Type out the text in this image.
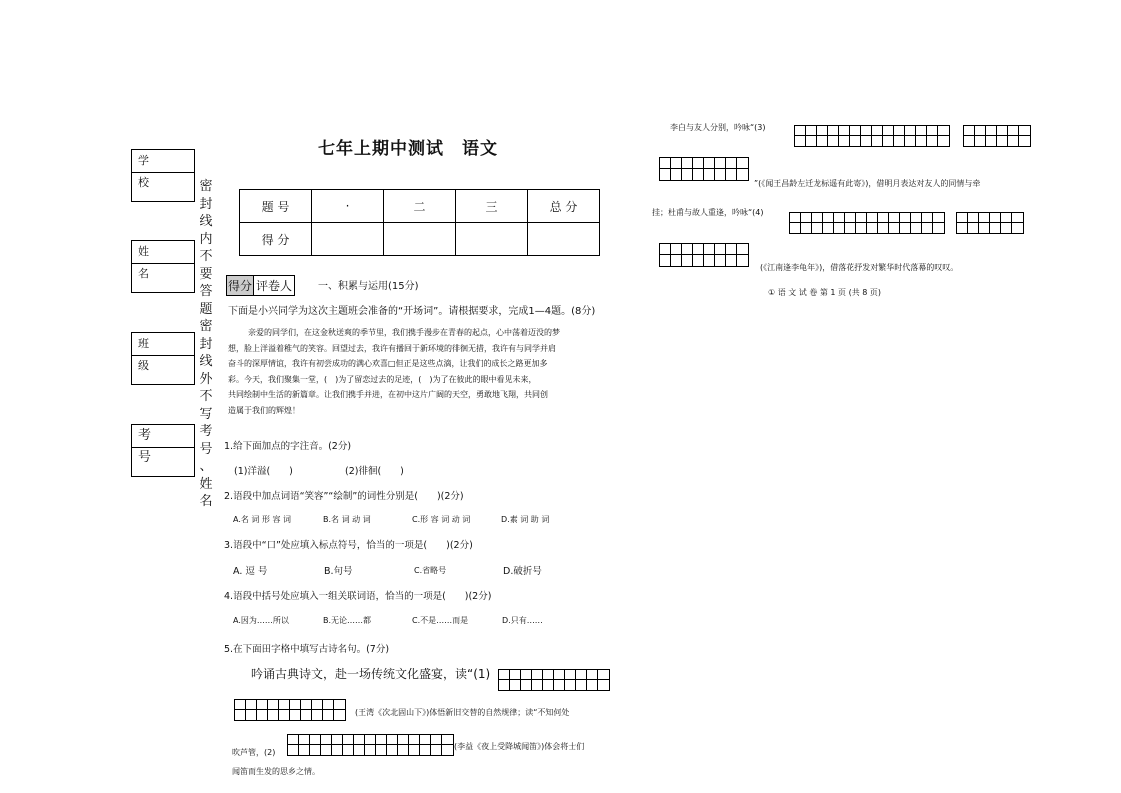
七年上期中测试　语文
学　校
姓　名
班　级
考　号
密
封
线
内
不
要
答
题
密
封
线
外
不
写
考
号
、
姓
名
题 号	·	二	三	总 分
得 分				
得分 评卷人	一、积累与运用(15分)
下面是小兴同学为这次主题班会准备的“开场词”。请根据要求，完成1—4题。(8分)
亲爱的同学们，在这金秋送爽的季节里，我们携手漫步在青春的起点，心中荡着迈没的梦
想，脸上洋溢着稚气的笑容。回望过去，我许有播回于新环境的徘徊无措，我许有与同学并肩
奋斗的深厚情谊，我许有初尝成功的满心欢喜□但正是这些点滴，让我们的成长之路更加多
彩。今天，我们聚集一堂，(　)为了留恋过去的足迹，(　)为了在彼此的眼中看见未来，
共同绘制中生活的新篇章。让我们携手并进，在初中这片广阔的天空，勇敢地飞翔，共同创
造属于我们的辉煌！
1.给下面加点的字注音。(2分)
(1)洋溢(　　)	(2)徘徊(　　)
2.语段中加点词语“笑容”“绘制”的词性分别是(　　)(2分)
A.名 词 形 容 词	B.名 词 动 词	C.形 容 词 动 词	D.素 词 助 词
3.语段中“口”处应填入标点符号，恰当的一项是(　　)(2分)
A. 逗 号	B.句号	C.省略号	D.破折号
4.语段中括号处应填入一组关联词语，恰当的一项是(　　)(2分)
A.因为……所以	B.无论……都	C.不是……而是	D.只有……
5.在下面田字格中填写古诗名句。(7分)
吟诵古典诗文，赴一场传统文化盛宴，读“(1)
(王湾《次北固山下》)体悟新旧交替的自然规律；读“不知何处
吹芦管，(2)
(李益《夜上受降城闻笛》)体会将士们
闻笛而生发的思乡之情。
李白与友人分别，吟咏“(3)
”(《闻王昌龄左迁龙标遥有此寄》)，借明月表达对友人的同情与牵
挂；杜甫与故人重逢，吟咏“(4)
(《江南逢李龟年》)，借落花抒发对繁华时代落幕的叹叹。
① 语 文 试 卷 第 1 页 (共 8 页)
